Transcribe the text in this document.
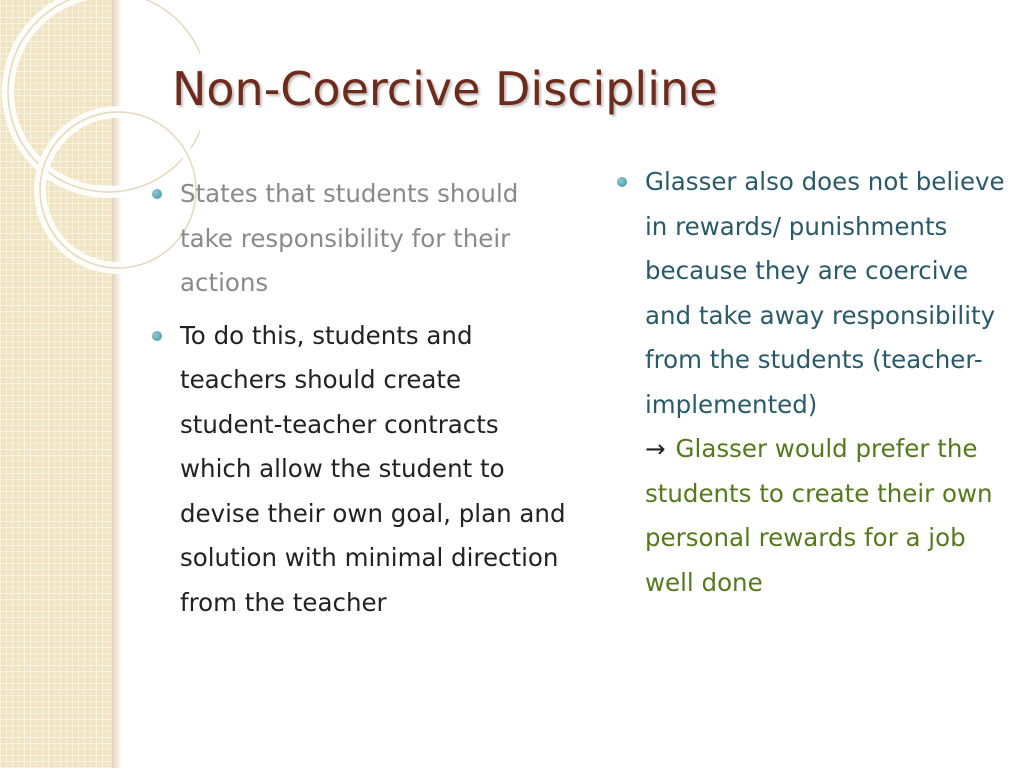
Non-Coercive Discipline
States that students should take responsibility for their actions
To do this, students and teachers should create student-teacher contracts which allow the student to devise their own goal, plan and solution with minimal direction from the teacher
Glasser also does not believe in rewards/ punishments because they are coercive and take away responsibility from the students (teacher-implemented)
→ Glasser would prefer the students to create their own personal rewards for a job well done
